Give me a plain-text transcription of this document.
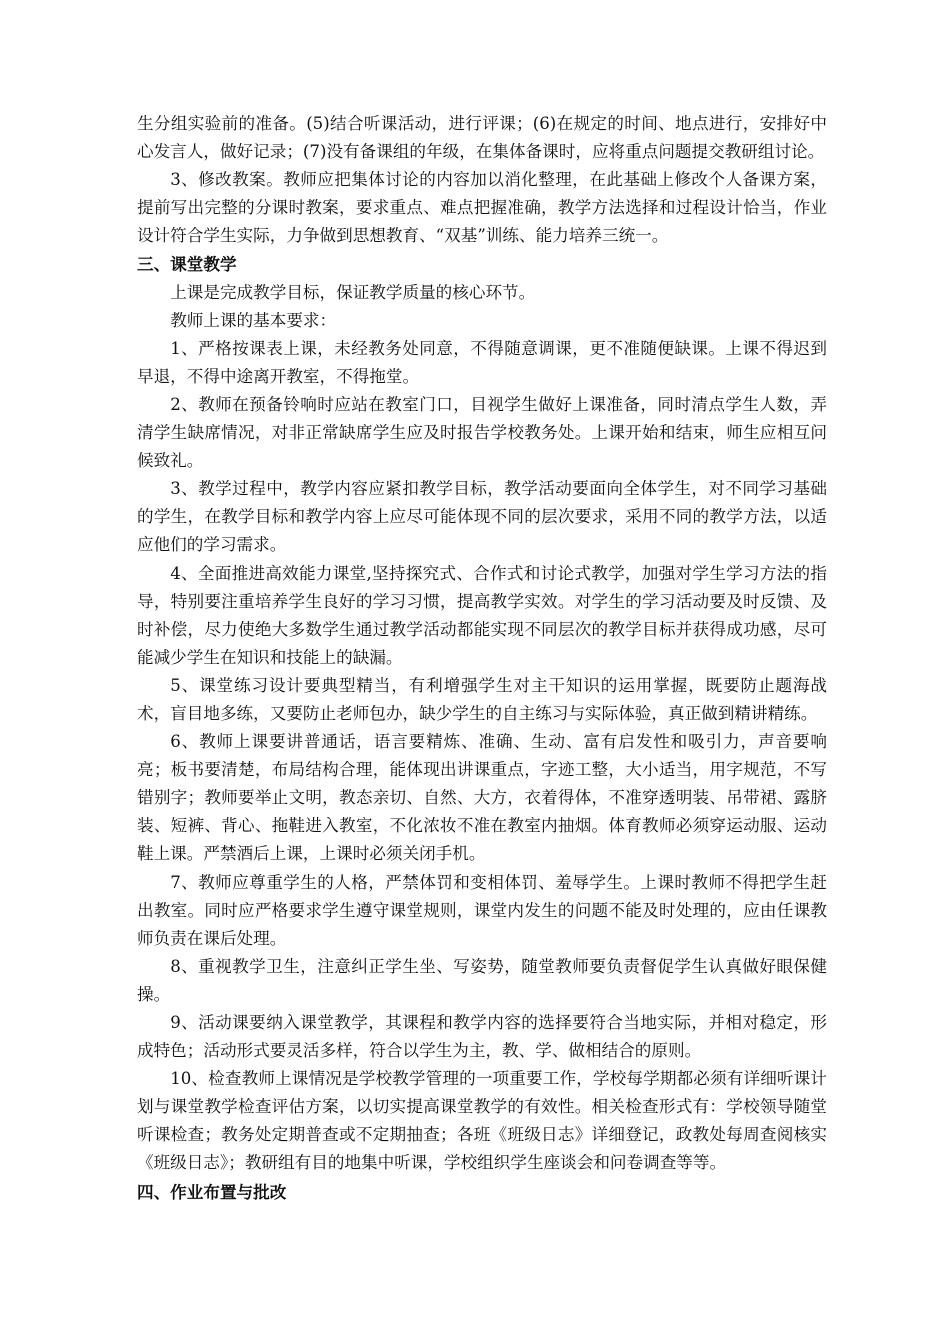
生分组实验前的准备。(5)结合听课活动，进行评课；(6)在规定的时间、地点进行，安排好中心发言人，做好记录；(7)没有备课组的年级，在集体备课时，应将重点问题提交教研组讨论。

3、修改教案。教师应把集体讨论的内容加以消化整理，在此基础上修改个人备课方案，提前写出完整的分课时教案，要求重点、难点把握准确，教学方法选择和过程设计恰当，作业设计符合学生实际，力争做到思想教育、“双基”训练、能力培养三统一。

三、课堂教学

上课是完成教学目标，保证教学质量的核心环节。

教师上课的基本要求：

1、严格按课表上课，未经教务处同意，不得随意调课，更不准随便缺课。上课不得迟到早退，不得中途离开教室，不得拖堂。

2、教师在预备铃响时应站在教室门口，目视学生做好上课准备，同时清点学生人数，弄清学生缺席情况，对非正常缺席学生应及时报告学校教务处。上课开始和结束，师生应相互问候致礼。

3、教学过程中，教学内容应紧扣教学目标，教学活动要面向全体学生，对不同学习基础的学生，在教学目标和教学内容上应尽可能体现不同的层次要求，采用不同的教学方法，以适应他们的学习需求。

4、全面推进高效能力课堂,坚持探究式、合作式和讨论式教学，加强对学生学习方法的指导，特别要注重培养学生良好的学习习惯，提高教学实效。对学生的学习活动要及时反馈、及时补偿，尽力使绝大多数学生通过教学活动都能实现不同层次的教学目标并获得成功感，尽可能减少学生在知识和技能上的缺漏。

5、课堂练习设计要典型精当，有利增强学生对主干知识的运用掌握，既要防止题海战术，盲目地多练，又要防止老师包办，缺少学生的自主练习与实际体验，真正做到精讲精练。

6、教师上课要讲普通话，语言要精炼、准确、生动、富有启发性和吸引力，声音要响亮；板书要清楚，布局结构合理，能体现出讲课重点，字迹工整，大小适当，用字规范，不写错别字；教师要举止文明，教态亲切、自然、大方，衣着得体，不准穿透明装、吊带裙、露脐装、短裤、背心、拖鞋进入教室，不化浓妆不准在教室内抽烟。体育教师必须穿运动服、运动鞋上课。严禁酒后上课，上课时必须关闭手机。

7、教师应尊重学生的人格，严禁体罚和变相体罚、羞辱学生。上课时教师不得把学生赶出教室。同时应严格要求学生遵守课堂规则，课堂内发生的问题不能及时处理的，应由任课教师负责在课后处理。

8、重视教学卫生，注意纠正学生坐、写姿势，随堂教师要负责督促学生认真做好眼保健操。

9、活动课要纳入课堂教学，其课程和教学内容的选择要符合当地实际，并相对稳定，形成特色；活动形式要灵活多样，符合以学生为主，教、学、做相结合的原则。

10、检查教师上课情况是学校教学管理的一项重要工作，学校每学期都必须有详细听课计划与课堂教学检查评估方案，以切实提高课堂教学的有效性。相关检查形式有：学校领导随堂听课检查；教务处定期普查或不定期抽查；各班《班级日志》详细登记，政教处每周查阅核实《班级日志》；教研组有目的地集中听课，学校组织学生座谈会和问卷调查等等。

四、作业布置与批改
